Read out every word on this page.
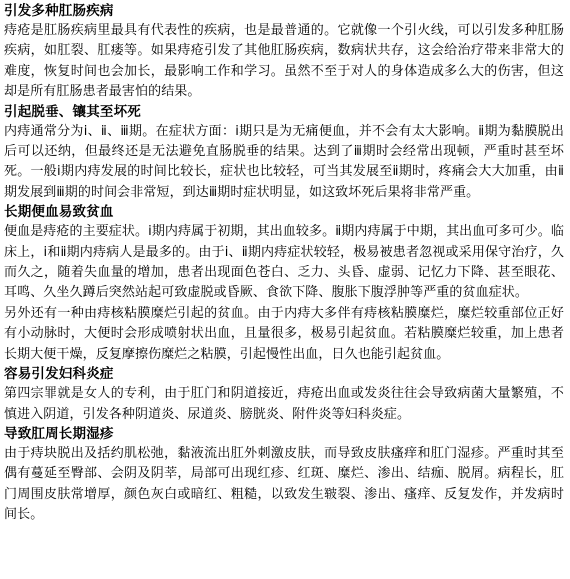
引发多种肛肠疾病

痔疮是肛肠疾病里最具有代表性的疾病，也是最普通的。它就像一个引火线，可以引发多种肛肠疾病，如肛裂、肛瘘等。如果痔疮引发了其他肛肠疾病，数病状共存，这会给治疗带来非常大的难度，恢复时间也会加长，最影响工作和学习。虽然不至于对人的身体造成多么大的伤害，但这却是所有肛肠患者最害怕的结果。

引起脱垂、镶其至坏死

内痔通常分为ⅰ、ⅱ、ⅲ期。在症状方面：ⅰ期只是为无痛便血，并不会有太大影响。ⅱ期为黏膜脱出后可以还纳，但最终还是无法避免直肠脱垂的结果。达到了ⅲ期时会经常出现顿，严重时甚至坏死。一般ⅰ期内痔发展的时间比较长，症状也比较轻，可当其发展至ⅱ期时，疼痛会大大加重，由ⅱ期发展到ⅲ期的时间会非常短，到达ⅲ期时症状明显，如这致坏死后果将非常严重。

长期便血易致贫血

便血是痔疮的主要症状。ⅰ期内痔属于初期，其出血较多。ⅱ期内痔属于中期，其出血可多可少。临床上，ⅰ和ⅱ期内痔病人是最多的。由于ⅰ、ⅱ期内痔症状较轻，极易被患者忽视或采用保守治疗，久而久之，随着失血量的增加，患者出现面色苍白、乏力、头昏、虚弱、记忆力下降、甚至眼花、耳鸣、久坐久蹲后突然站起可致虚脱或昏厥、食欲下降、腹胀下腹浮肿等严重的贫血症状。

另外还有一种由痔核粘膜糜烂引起的贫血。由于内痔大多伴有痔核粘膜糜烂，糜烂较重部位正好有小动脉时，大便时会形成喷射状出血，且量很多，极易引起贫血。若粘膜糜烂较重，加上患者长期大便干燥，反复摩擦伤糜烂之粘膜，引起慢性出血，日久也能引起贫血。

容易引发妇科炎症

第四宗罪就是女人的专利，由于肛门和阴道接近，痔疮出血或发炎往往会导致病菌大量繁殖，不慎进入阴道，引发各种阴道炎、尿道炎、膀胱炎、附件炎等妇科炎症。

导致肛周长期湿疹

由于痔块脱出及括约肌松弛，黏液流出肛外刺激皮肤，而导致皮肤瘙痒和肛门湿疹。严重时其至偶有蔓延至臀部、会阴及阴莘，局部可出现红疹、红斑、糜烂、渗出、结痂、脱屑。病程长，肛门周围皮肤常增厚，颜色灰白或暗红、粗糙，以致发生皲裂、渗出、瘙痒、反复发作，并发病时间长。
